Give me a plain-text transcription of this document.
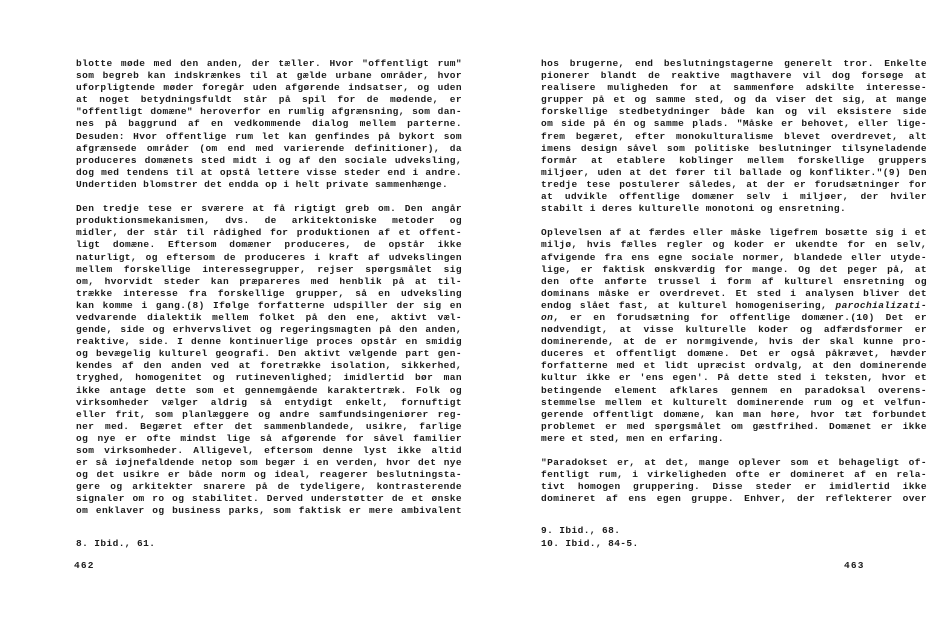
blotte møde med den anden, der tæller. Hvor "offentligt rum"
som begreb kan indskrænkes til at gælde urbane områder, hvor
uforpligtende møder foregår uden afgørende indsatser, og uden
at noget betydningsfuldt står på spil for de mødende, er
"offentligt domæne" heroverfor en rumlig afgrænsning, som dan-
nes på baggrund af en vedkommende dialog mellem parterne.
Desuden: Hvor offentlige rum let kan genfindes på bykort som
afgrænsede områder (om end med varierende definitioner), da
produceres domænets sted midt i og af den sociale udveksling,
dog med tendens til at opstå lettere visse steder end i andre.
Undertiden blomstrer det endda op i helt private sammenhænge.
Den tredje tese er sværere at få rigtigt greb om. Den angår
produktionsmekanismen, dvs. de arkitektoniske metoder og
midler, der står til rådighed for produktionen af et offent-
ligt domæne. Eftersom domæner produceres, de opstår ikke
naturligt, og eftersom de produceres i kraft af udvekslingen
mellem forskellige interessegrupper, rejser spørgsmålet sig
om, hvorvidt steder kan præpareres med henblik på at til-
trække interesse fra forskellige grupper, så en udveksling
kan komme i gang.(8) Ifølge forfatterne udspiller der sig en
vedvarende dialektik mellem folket på den ene, aktivt væl-
gende, side og erhvervslivet og regeringsmagten på den anden,
reaktive, side. I denne kontinuerlige proces opstår en smidig
og bevægelig kulturel geografi. Den aktivt vælgende part gen-
kendes af den anden ved at foretrække isolation, sikkerhed,
tryghed, homogenitet og rutinevenlighed; imidlertid bør man
ikke antage dette som et gennemgående karaktertræk. Folk og
virksomheder vælger aldrig så entydigt enkelt, fornuftigt
eller frit, som planlæggere og andre samfundsingeniører reg-
ner med. Begæret efter det sammenblandede, usikre, farlige
og nye er ofte mindst lige så afgørende for såvel familier
som virksomheder. Alligevel, eftersom denne lyst ikke altid
er så iøjnefaldende netop som begær i en verden, hvor det nye
og det usikre er både norm og ideal, reagerer beslutningsta-
gere og arkitekter snarere på de tydeligere, kontrasterende
signaler om ro og stabilitet. Derved understøtter de et ønske
om enklaver og business parks, som faktisk er mere ambivalent
8. Ibid., 61.
462
hos brugerne, end beslutningstagerne generelt tror. Enkelte
pionerer blandt de reaktive magthavere vil dog forsøge at
realisere muligheden for at sammenføre adskilte interesse-
grupper på et og samme sted, og da viser det sig, at mange
forskellige stedbetydninger både kan og vil eksistere side
om side på én og samme plads. "Måske er behovet, eller lige-
frem begæret, efter monokulturalisme blevet overdrevet, alt
imens design såvel som politiske beslutninger tilsyneladende
formår at etablere koblinger mellem forskellige gruppers
miljøer, uden at det fører til ballade og konflikter."(9) Den
tredje tese postulerer således, at der er forudsætninger for
at udvikle offentlige domæner selv i miljøer, der hviler
stabilt i deres kulturelle monotoni og ensretning.
Oplevelsen af at færdes eller måske ligefrem bosætte sig i et
miljø, hvis fælles regler og koder er ukendte for en selv,
afvigende fra ens egne sociale normer, blandede eller utyde-
lige, er faktisk ønskværdig for mange. Og det peger på, at
den ofte anførte trussel i form af kulturel ensretning og
dominans måske er overdrevet. Et sted i analysen bliver det
endog slået fast, at kulturel homogenisering, parochializati-
on, er en forudsætning for offentlige domæner.(10) Det er
nødvendigt, at visse kulturelle koder og adfærdsformer er
dominerende, at de er normgivende, hvis der skal kunne pro-
duceres et offentligt domæne. Det er også påkrævet, hævder
forfatterne med et lidt upræcist ordvalg, at den dominerende
kultur ikke er 'ens egen'. På dette sted i teksten, hvor et
betingende element afklares gennem en paradoksal overens-
stemmelse mellem et kulturelt dominerende rum og et velfun-
gerende offentligt domæne, kan man høre, hvor tæt forbundet
problemet er med spørgsmålet om gæstfrihed. Domænet er ikke
mere et sted, men en erfaring.
"Paradokset er, at det, mange oplever som et behageligt of-
fentligt rum, i virkeligheden ofte er domineret af en rela-
tivt homogen gruppering. Disse steder er imidlertid ikke
domineret af ens egen gruppe. Enhver, der reflekterer over
9. Ibid., 68.
10. Ibid., 84-5.
463
